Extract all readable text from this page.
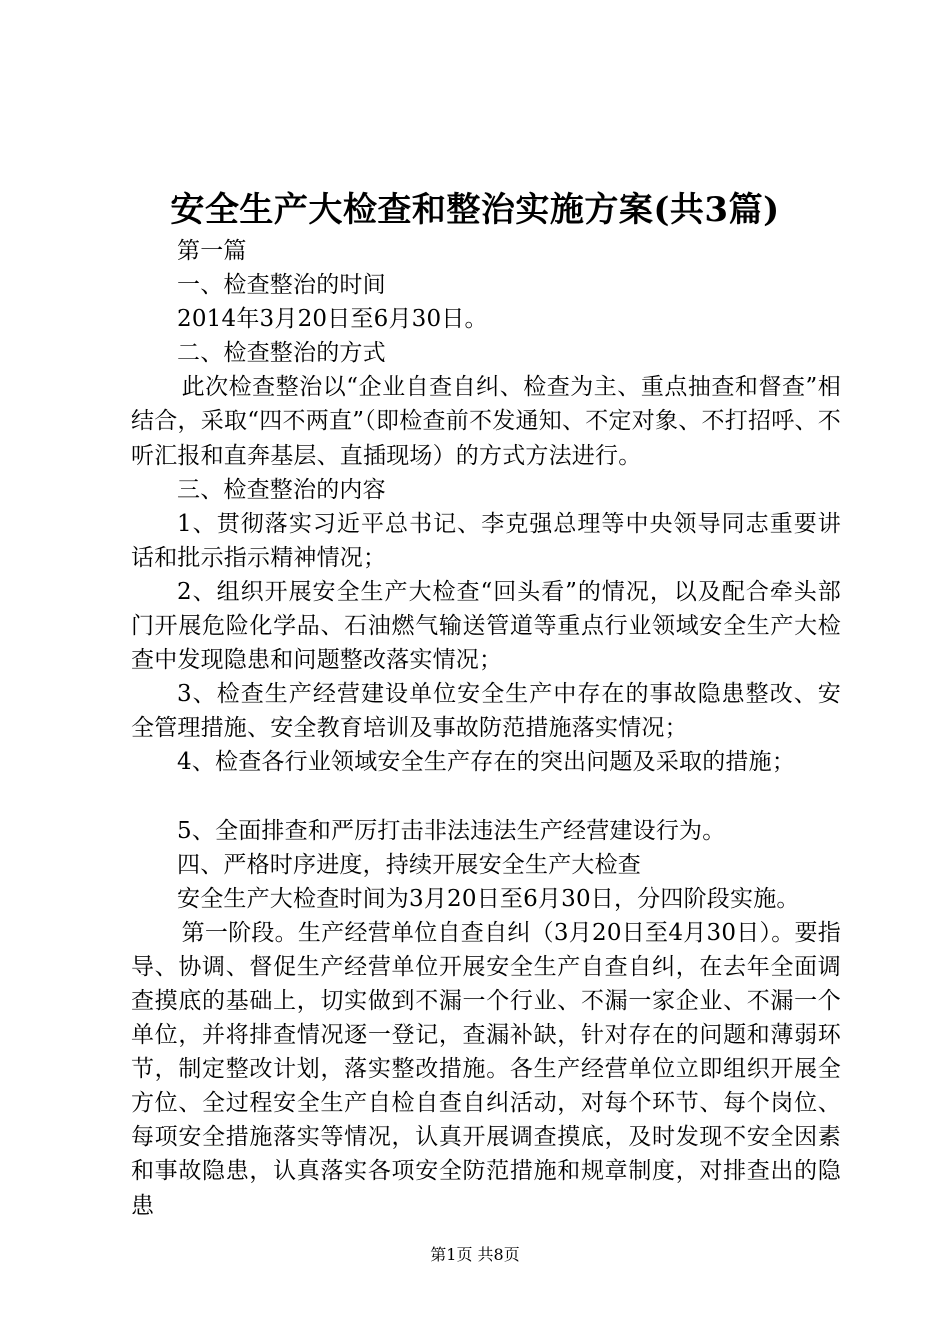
安全生产大检查和整治实施方案(共3篇)

第一篇

一、检查整治的时间

2014年3月20日至6月30日。

二、检查整治的方式

此次检查整治以“企业自查自纠、检查为主、重点抽查和督查”相结合，采取“四不两直”（即检查前不发通知、不定对象、不打招呼、不听汇报和直奔基层、直插现场）的方式方法进行。

三、检查整治的内容

1、贯彻落实习近平总书记、李克强总理等中央领导同志重要讲话和批示指示精神情况；

2、组织开展安全生产大检查“回头看”的情况，以及配合牵头部门开展危险化学品、石油燃气输送管道等重点行业领域安全生产大检查中发现隐患和问题整改落实情况；

3、检查生产经营建设单位安全生产中存在的事故隐患整改、安全管理措施、安全教育培训及事故防范措施落实情况；

4、检查各行业领域安全生产存在的突出问题及采取的措施；

5、全面排查和严厉打击非法违法生产经营建设行为。

四、严格时序进度，持续开展安全生产大检查

安全生产大检查时间为3月20日至6月30日，分四阶段实施。

第一阶段。生产经营单位自查自纠（3月20日至4月30日）。要指导、协调、督促生产经营单位开展安全生产自查自纠，在去年全面调查摸底的基础上，切实做到不漏一个行业、不漏一家企业、不漏一个单位，并将排查情况逐一登记，查漏补缺，针对存在的问题和薄弱环节，制定整改计划，落实整改措施。各生产经营单位立即组织开展全方位、全过程安全生产自检自查自纠活动，对每个环节、每个岗位、每项安全措施落实等情况，认真开展调查摸底，及时发现不安全因素和事故隐患，认真落实各项安全防范措施和规章制度，对排查出的隐患

第1页 共8页
